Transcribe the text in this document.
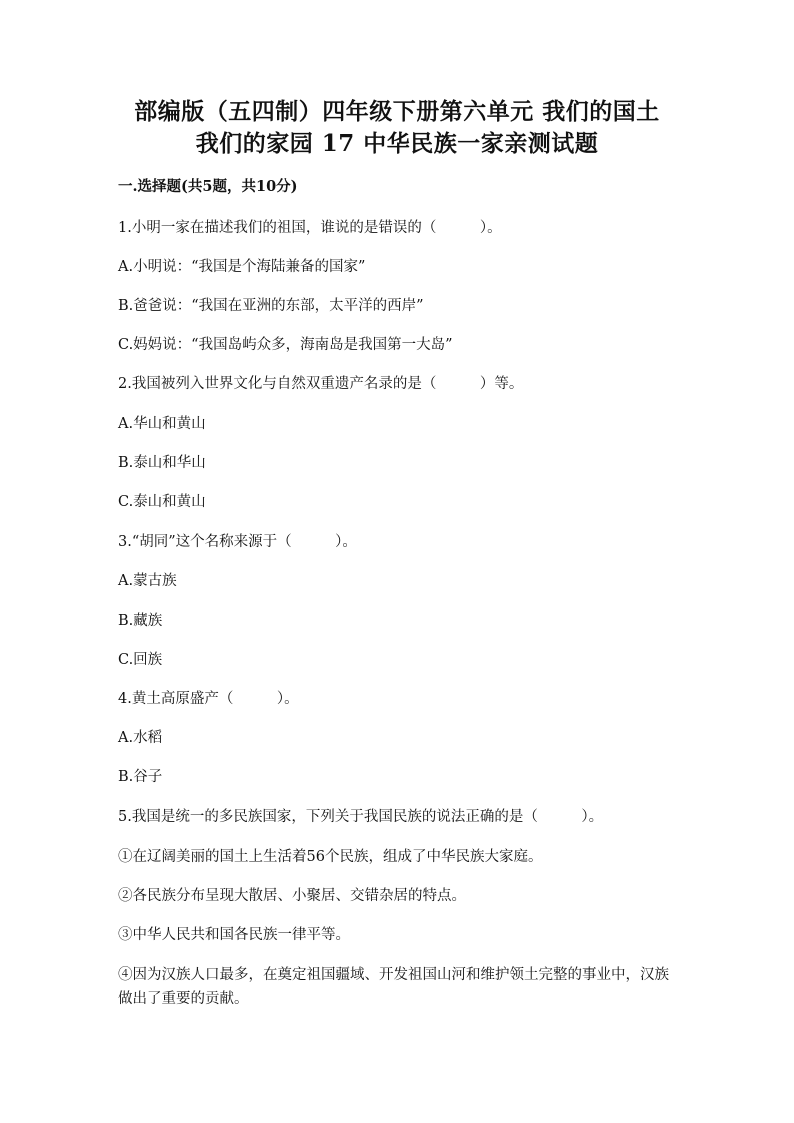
部编版（五四制）四年级下册第六单元 我们的国土
我们的家园 17 中华民族一家亲测试题
一.选择题(共5题，共10分)
1.小明一家在描述我们的祖国，谁说的是错误的（　　　）。
A.小明说：“我国是个海陆兼备的国家”
B.爸爸说：“我国在亚洲的东部，太平洋的西岸”
C.妈妈说：“我国岛屿众多，海南岛是我国第一大岛”
2.我国被列入世界文化与自然双重遗产名录的是（　　　）等。
A.华山和黄山
B.泰山和华山
C.泰山和黄山
3.“胡同”这个名称来源于（　　　）。
A.蒙古族
B.藏族
C.回族
4.黄土高原盛产（　　　）。
A.水稻
B.谷子
5.我国是统一的多民族国家，下列关于我国民族的说法正确的是（　　　）。
①在辽阔美丽的国土上生活着56个民族，组成了中华民族大家庭。
②各民族分布呈现大散居、小聚居、交错杂居的特点。
③中华人民共和国各民族一律平等。
④因为汉族人口最多，在奠定祖国疆域、开发祖国山河和维护领土完整的事业中，汉族做出了重要的贡献。
